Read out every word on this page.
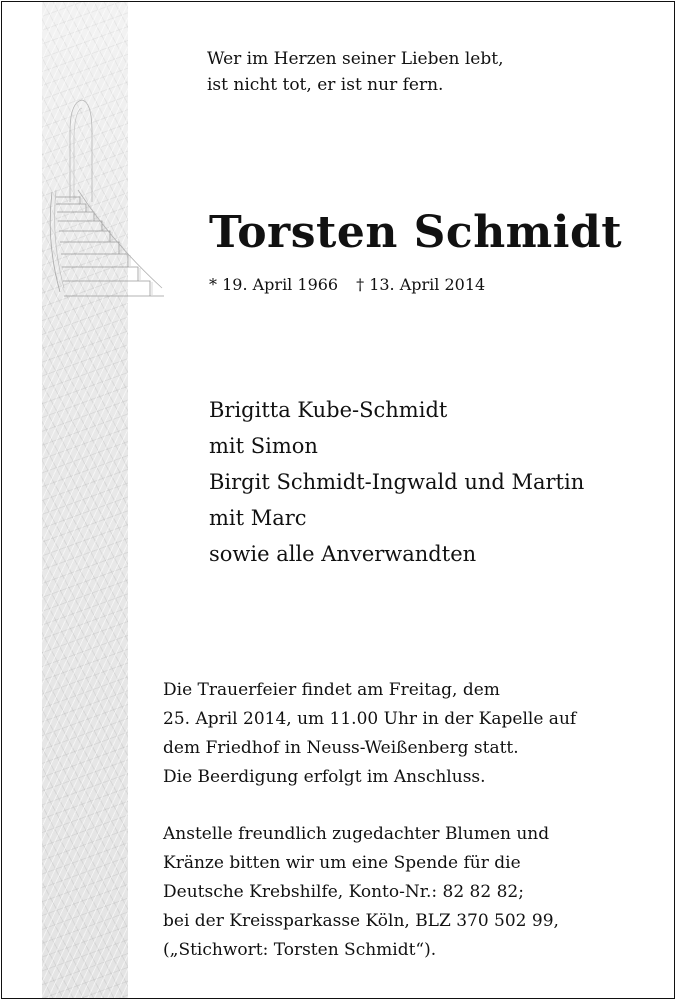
Wer im Herzen seiner Lieben lebt,
ist nicht tot, er ist nur fern.

Torsten Schmidt

* 19. April 1966 † 13. April 2014

Brigitta Kube-Schmidt
mit Simon
Birgit Schmidt-Ingwald und Martin
mit Marc
sowie alle Anverwandten

Die Trauerfeier findet am Freitag, dem
25. April 2014, um 11.00 Uhr in der Kapelle auf
dem Friedhof in Neuss-Weißenberg statt.
Die Beerdigung erfolgt im Anschluss.

Anstelle freundlich zugedachter Blumen und
Kränze bitten wir um eine Spende für die
Deutsche Krebshilfe, Konto-Nr.: 82 82 82;
bei der Kreissparkasse Köln, BLZ 370 502 99,
(„Stichwort: Torsten Schmidt“).
